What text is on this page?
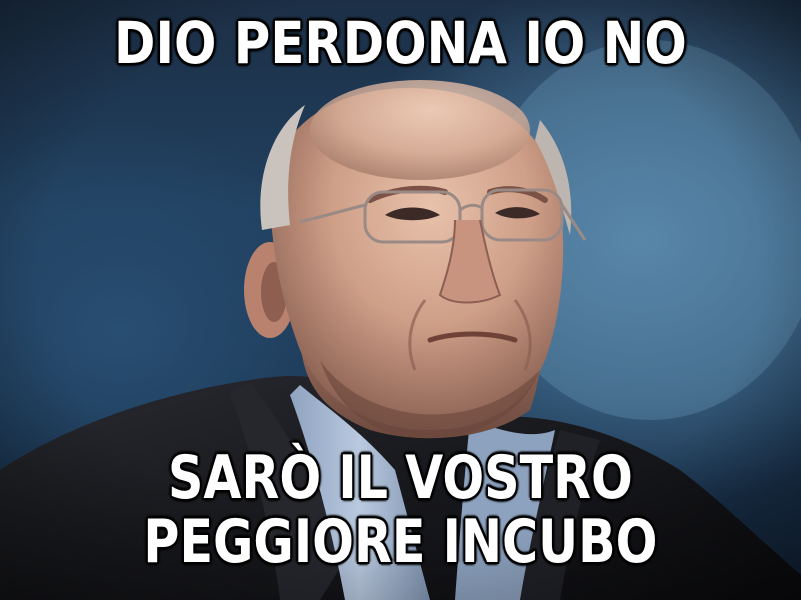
DIO PERDONA IO NO
SARÒ IL VOSTRO
PEGGIORE INCUBO
